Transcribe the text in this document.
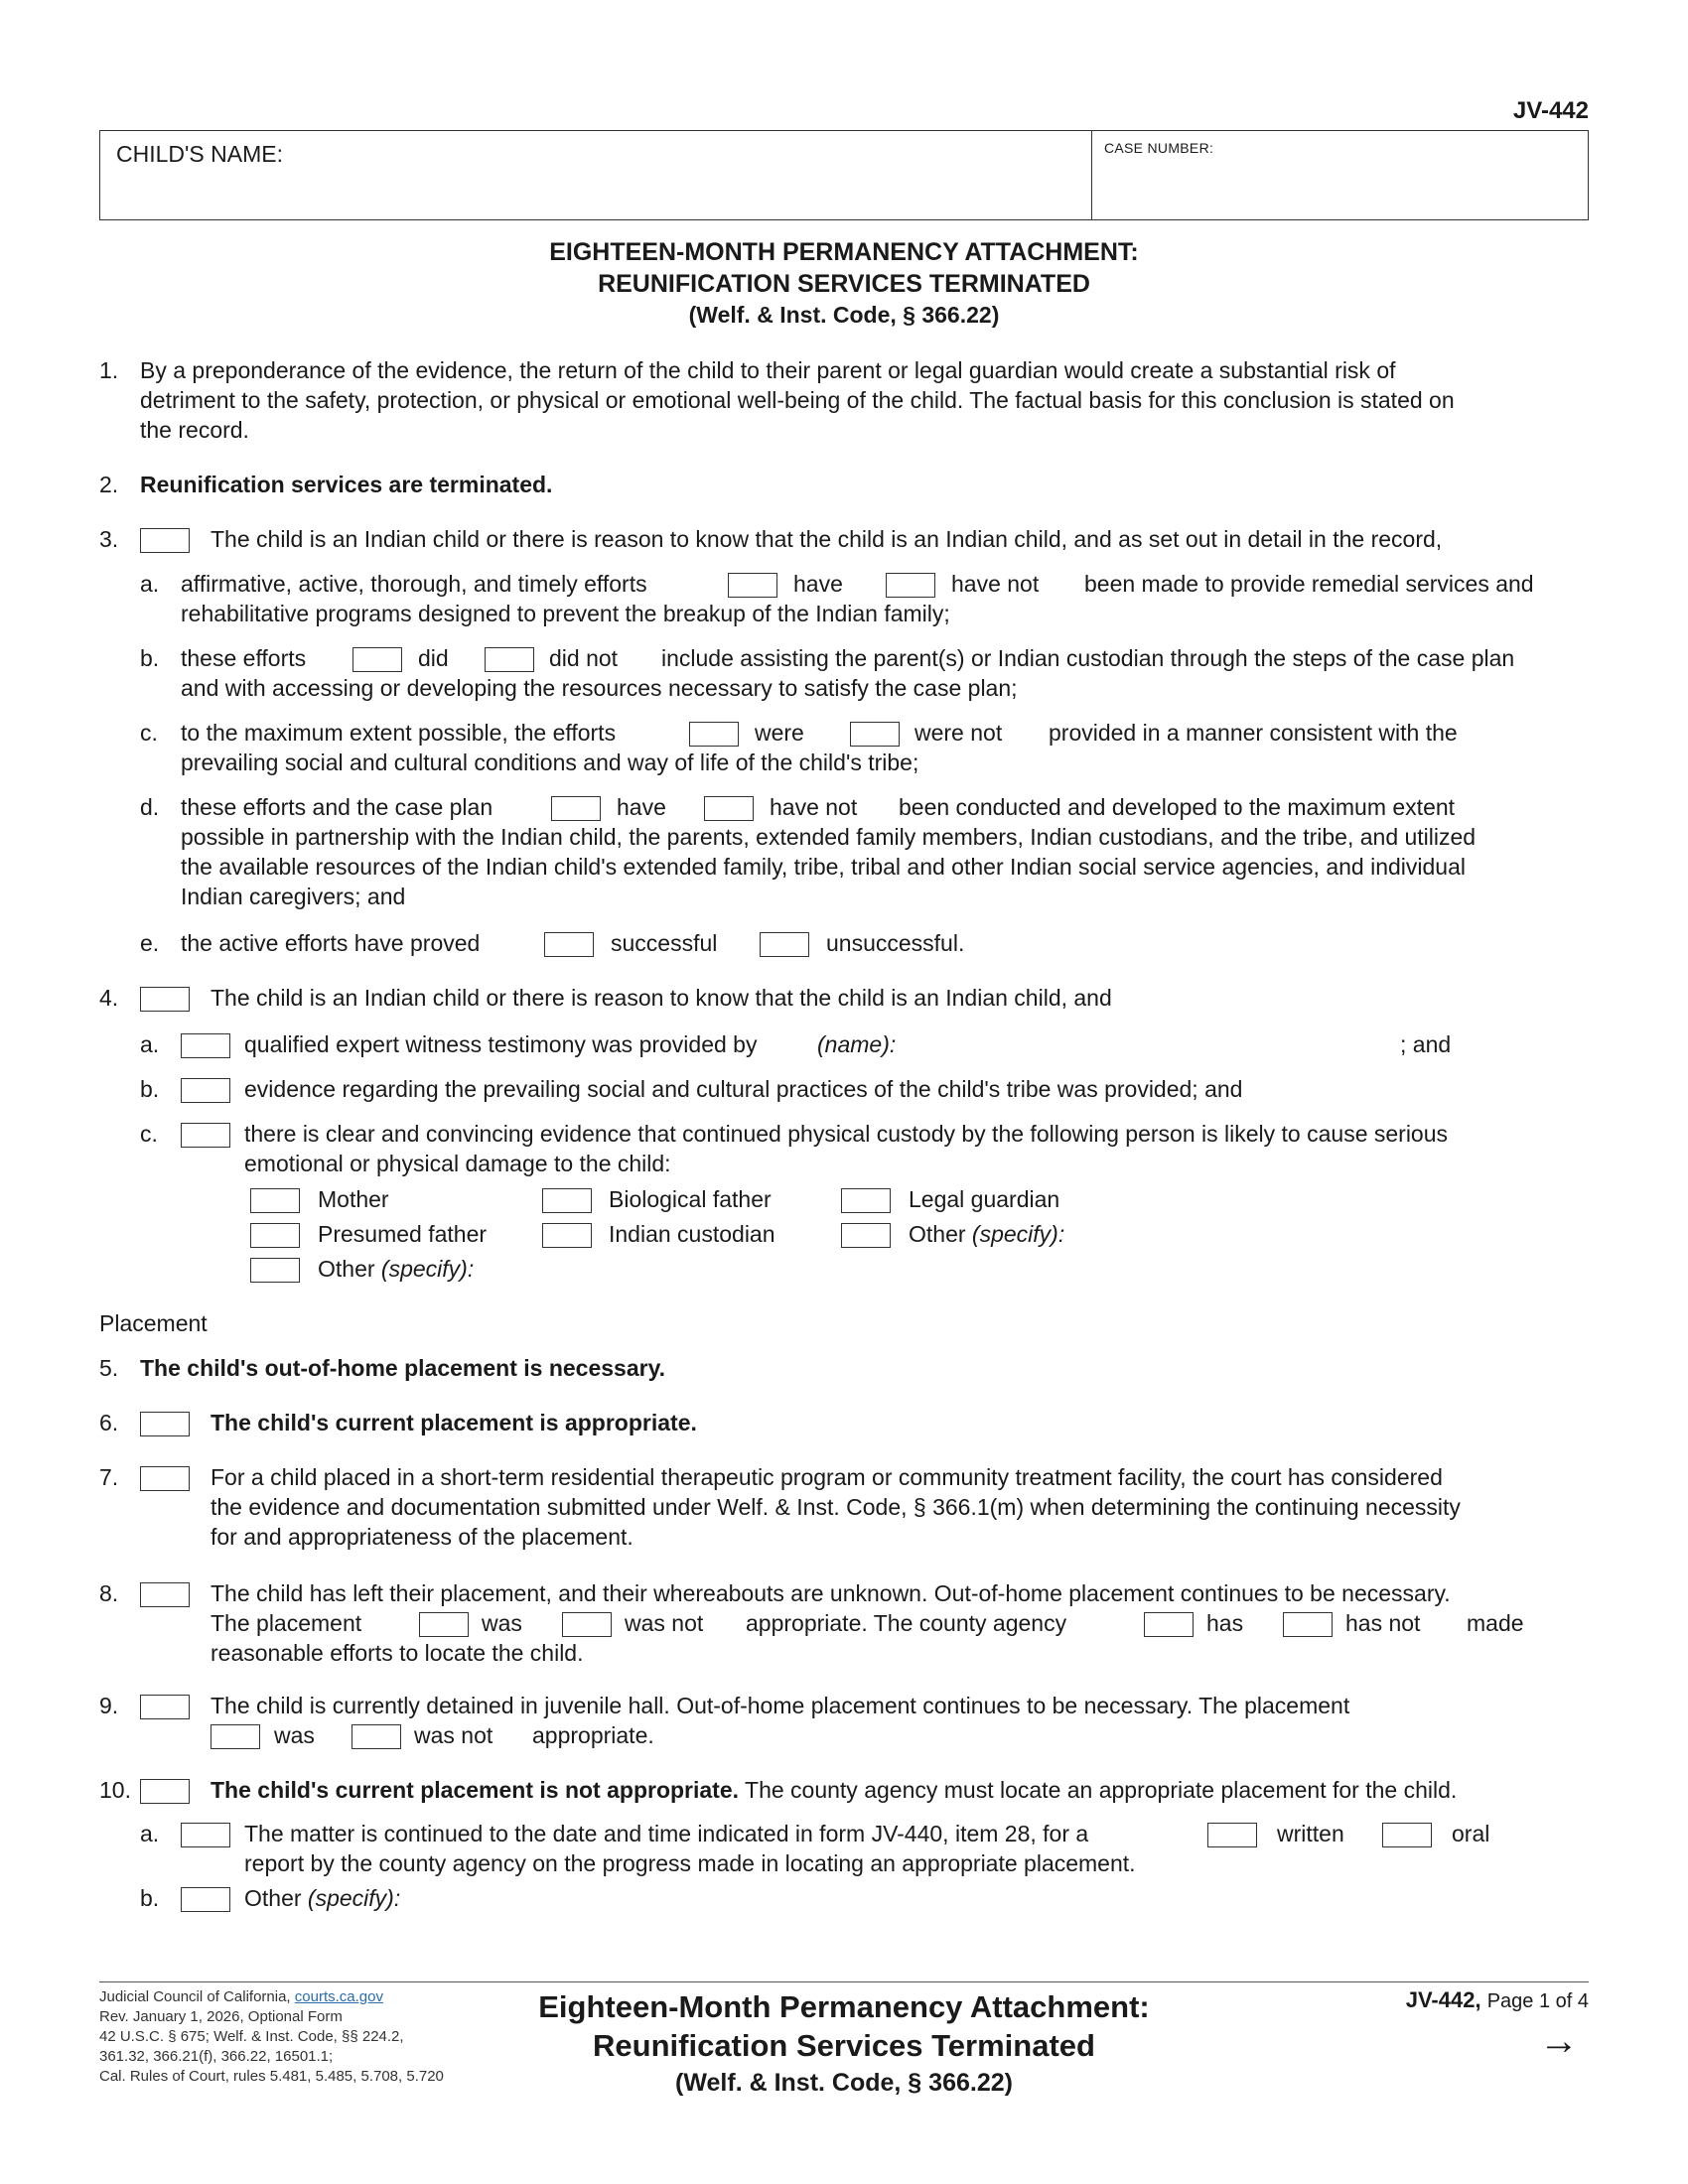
JV-442
CHILD'S NAME:	CASE NUMBER:
EIGHTEEN-MONTH PERMANENCY ATTACHMENT:
REUNIFICATION SERVICES TERMINATED
(Welf. & Inst. Code, § 366.22)
1. By a preponderance of the evidence, the return of the child to their parent or legal guardian would create a substantial risk of
detriment to the safety, protection, or physical or emotional well-being of the child. The factual basis for this conclusion is stated on
the record.
2. Reunification services are terminated.
3.	The child is an Indian child or there is reason to know that the child is an Indian child, and as set out in detail in the record,
a. affirmative, active, thorough, and timely efforts	have	have not been made to provide remedial services and
rehabilitative programs designed to prevent the breakup of the Indian family;
b. these efforts	did	did not include assisting the parent(s) or Indian custodian through the steps of the case plan
and with accessing or developing the resources necessary to satisfy the case plan;
c. to the maximum extent possible, the efforts	were	were not provided in a manner consistent with the
prevailing social and cultural conditions and way of life of the child's tribe;
d. these efforts and the case plan	have	have not been conducted and developed to the maximum extent
possible in partnership with the Indian child, the parents, extended family members, Indian custodians, and the tribe, and utilized
the available resources of the Indian child's extended family, tribe, tribal and other Indian social service agencies, and individual
Indian caregivers; and
e. the active efforts have proved	successful	unsuccessful.
4.	The child is an Indian child or there is reason to know that the child is an Indian child, and
a.	qualified expert witness testimony was provided by	(name):	; and
b.	evidence regarding the prevailing social and cultural practices of the child's tribe was provided; and
c.	there is clear and convincing evidence that continued physical custody by the following person is likely to cause serious
emotional or physical damage to the child:
Mother	Biological father	Legal guardian
Presumed father	Indian custodian	Other (specify):
Other (specify):
Placement
5. The child's out-of-home placement is necessary.
6.	The child's current placement is appropriate.
7.	For a child placed in a short-term residential therapeutic program or community treatment facility, the court has considered
the evidence and documentation submitted under Welf. & Inst. Code, § 366.1(m) when determining the continuing necessity
for and appropriateness of the placement.
8.	The child has left their placement, and their whereabouts are unknown. Out-of-home placement continues to be necessary.
The placement	was	was not appropriate. The county agency	has	has not made
reasonable efforts to locate the child.
9.	The child is currently detained in juvenile hall. Out-of-home placement continues to be necessary. The placement
was	was not appropriate.
10.	The child's current placement is not appropriate. The county agency must locate an appropriate placement for the child.
a.	The matter is continued to the date and time indicated in form JV-440, item 28, for a	written	oral
report by the county agency on the progress made in locating an appropriate placement.
b.	Other (specify):
Judicial Council of California, courts.ca.gov
Rev. January 1, 2026, Optional Form
42 U.S.C. § 675; Welf. & Inst. Code, §§ 224.2,
361.32, 366.21(f), 366.22, 16501.1;
Cal. Rules of Court, rules 5.481, 5.485, 5.708, 5.720
Eighteen-Month Permanency Attachment:
Reunification Services Terminated
(Welf. & Inst. Code, § 366.22)
JV-442, Page 1 of 4
→
